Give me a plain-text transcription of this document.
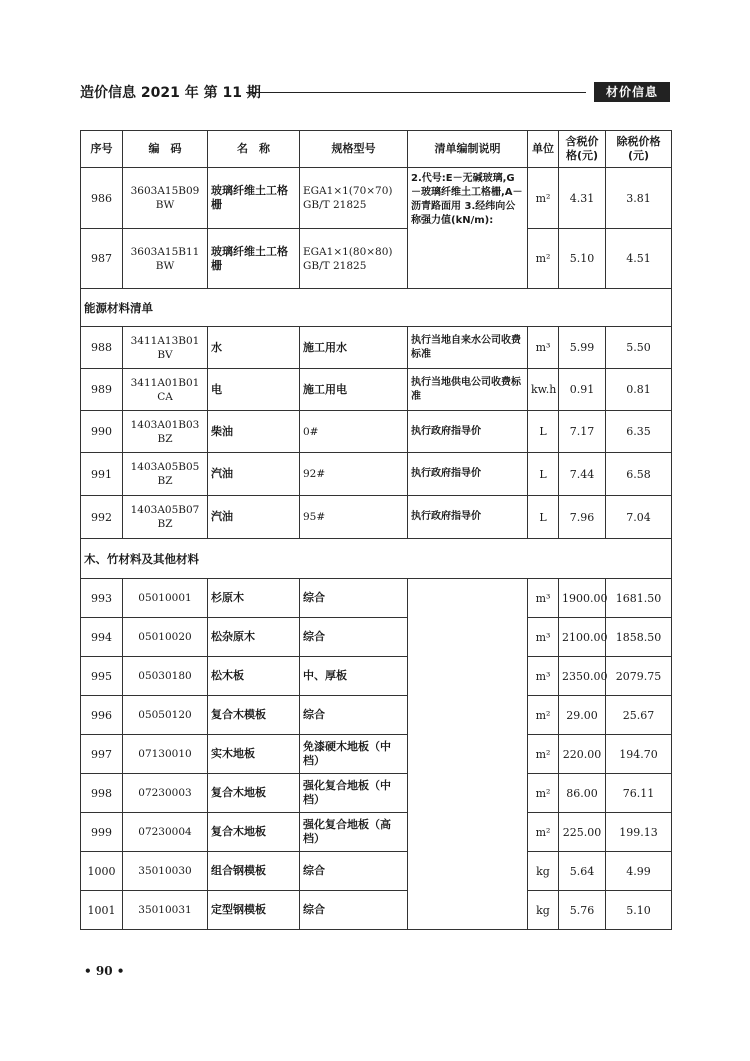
造价信息 2021 年 第 11 期	材价信息
序号	编　码	名　称	规格型号	清单编制说明	单位	含税价格(元)	除税价格(元)
986	3603A15B09 BW	玻璃纤维土工格栅	EGA1×1(70×70) GB/T 21825	2.代号:E－无碱玻璃,G－玻璃纤维土工格栅,A－沥青路面用 3.经纬向公称强力值(kN/m):	m²	4.31	3.81
987	3603A15B11 BW	玻璃纤维土工格栅	EGA1×1(80×80) GB/T 21825		m²	5.10	4.51
能源材料清单							
988	3411A13B01 BV	水	施工用水	执行当地自来水公司收费标准	m³	5.99	5.50
989	3411A01B01 CA	电	施工用电	执行当地供电公司收费标准	kw.h	0.91	0.81
990	1403A01B03 BZ	柴油	0#	执行政府指导价	L	7.17	6.35
991	1403A05B05 BZ	汽油	92#	执行政府指导价	L	7.44	6.58
992	1403A05B07 BZ	汽油	95#	执行政府指导价	L	7.96	7.04
木、竹材料及其他材料							
993	05010001	杉原木	综合		m³	1900.00	1681.50
994	05010020	松杂原木	综合		m³	2100.00	1858.50
995	05030180	松木板	中、厚板		m³	2350.00	2079.75
996	05050120	复合木模板	综合		m²	29.00	25.67
997	07130010	实木地板	免漆硬木地板（中档）		m²	220.00	194.70
998	07230003	复合木地板	强化复合地板（中档）		m²	86.00	76.11
999	07230004	复合木地板	强化复合地板（高档）		m²	225.00	199.13
1000	35010030	组合钢模板	综合		kg	5.64	4.99
1001	35010031	定型钢模板	综合		kg	5.76	5.10
• 90 •
